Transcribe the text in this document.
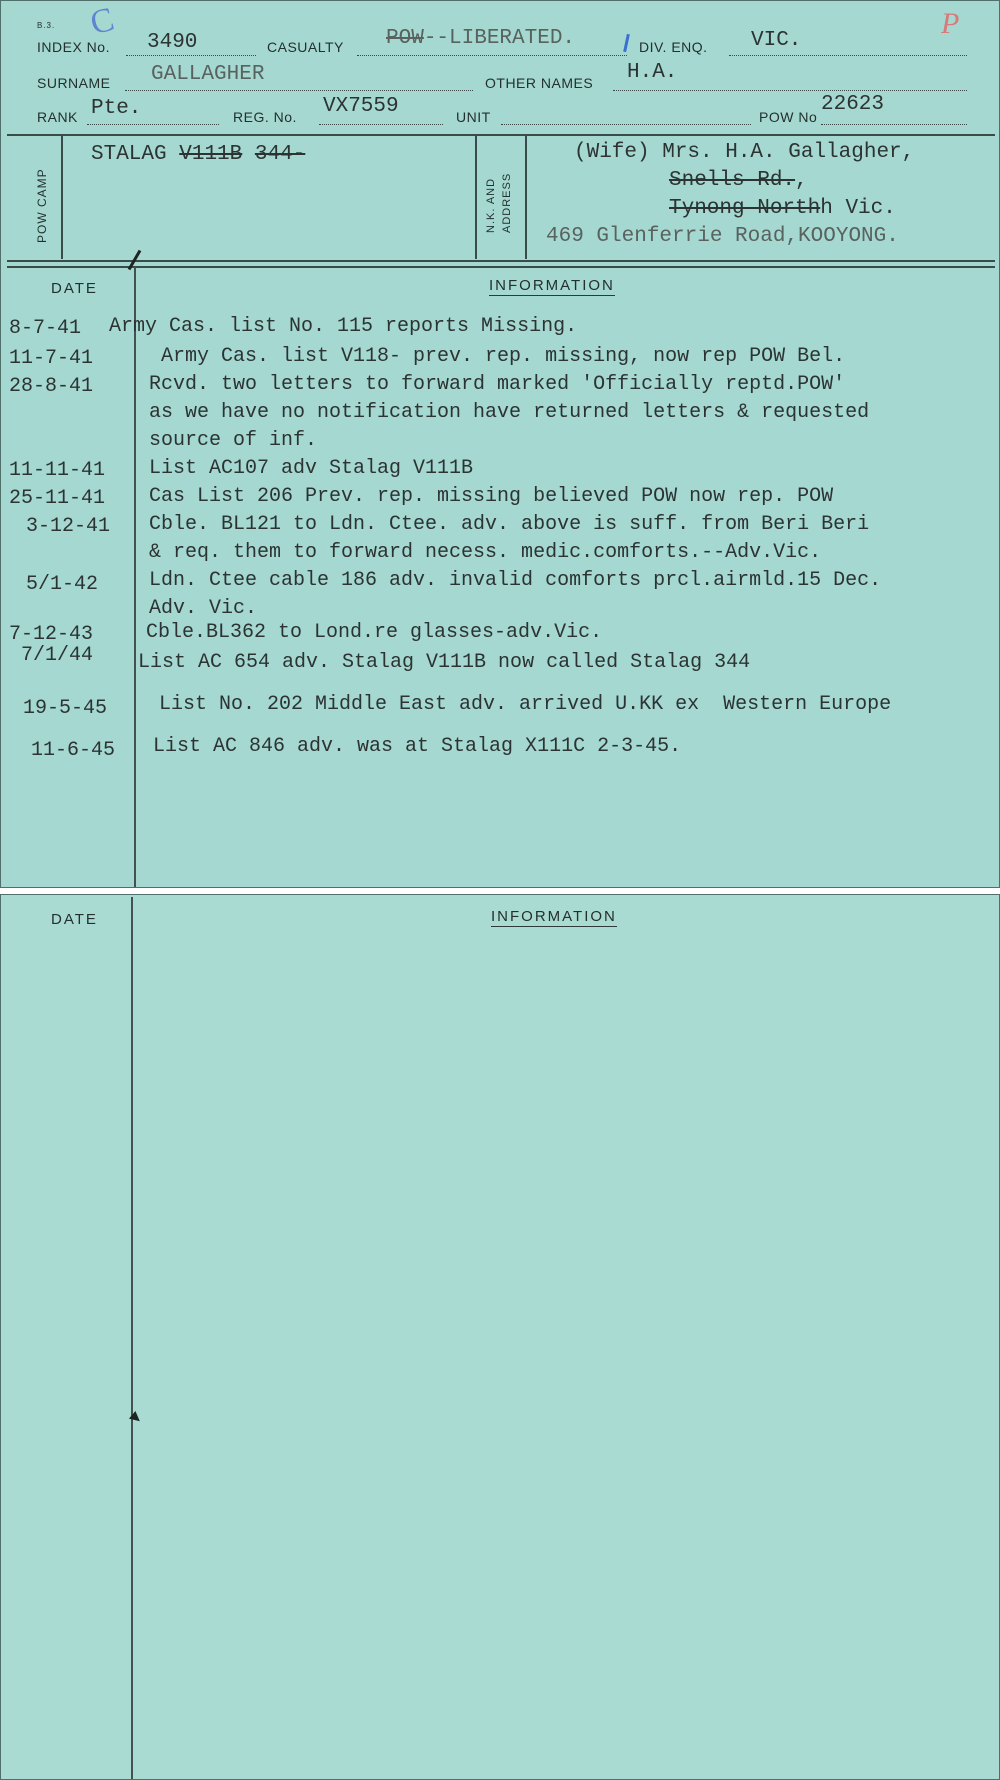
B.3.
INDEX No. 3490	CASUALTY POW--LIBERATED.	DIV. ENQ. VIC.
C	P
SURNAME GALLAGHER	OTHER NAMES H.A.
RANK Pte.	REG. No. VX7559	UNIT	POW No
22623
POW CAMP
STALAG V111B 344-
N.K. AND ADDRESS
(Wife) Mrs. H.A. Gallagher,
Snells Rd.,
Tynong Northh Vic.
469 Glenferrie Road,KOOYONG.
DATE	INFORMATION
8-7-41 Army Cas. list No. 115 reports Missing.
11-7-41	Army Cas. list V118- prev. rep. missing, now rep POW Bel.
28-8-41	Rcvd. two letters to forward marked 'Officially reptd.POW'
as we have no notification have returned letters & requested
source of inf.
11-11-41 List AC107 adv Stalag V111B
25-11-41 Cas List 206 Prev. rep. missing believed POW now rep. POW
3-12-41 Cble. BL121 to Ldn. Ctee. adv. above is suff. from Beri Beri
& req. them to forward necess. medic.comforts.--Adv.Vic.
5/1-42	Ldn. Ctee cable 186 adv. invalid comforts prcl.airmld.15 Dec.
Adv. Vic.
7-12-43	Cble.BL362 to Lond.re glasses-adv.Vic.
7/1/44 List AC 654 adv. Stalag V111B now called Stalag 344
19-5-45	List No. 202 Middle East adv. arrived U.KK ex  Western Europe
11-6-45 List AC 846 adv. was at Stalag X111C 2-3-45.
DATE	INFORMATION
